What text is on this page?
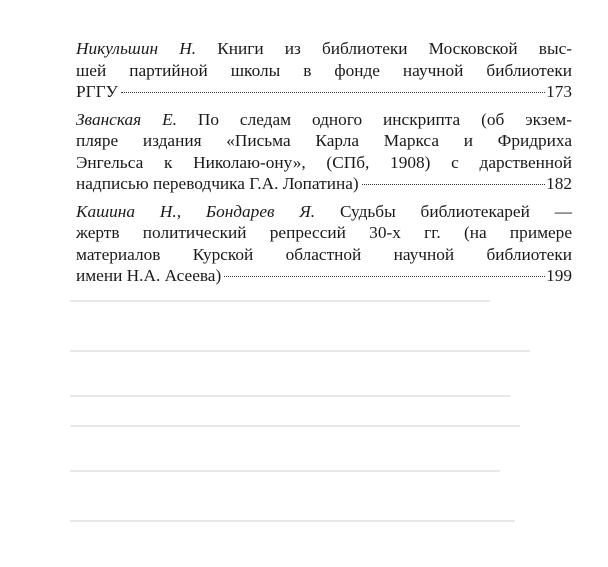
Никульшин Н. Книги из библиотеки Московской выс-
шей партийной школы в фонде научной библиотеки
РГГУ	173
Званская Е. По следам одного инскрипта (об экзем-
пляре издания «Письма Карла Маркса и Фридриха
Энгельса к Николаю-ону», (СПб, 1908) с дарственной
надписью переводчика Г.А. Лопатина)	182
Кашина Н., Бондарев Я. Судьбы библиотекарей —
жертв политический репрессий 30-х гг. (на примере
материалов Курской областной научной библиотеки
имени Н.А. Асеева)	199
